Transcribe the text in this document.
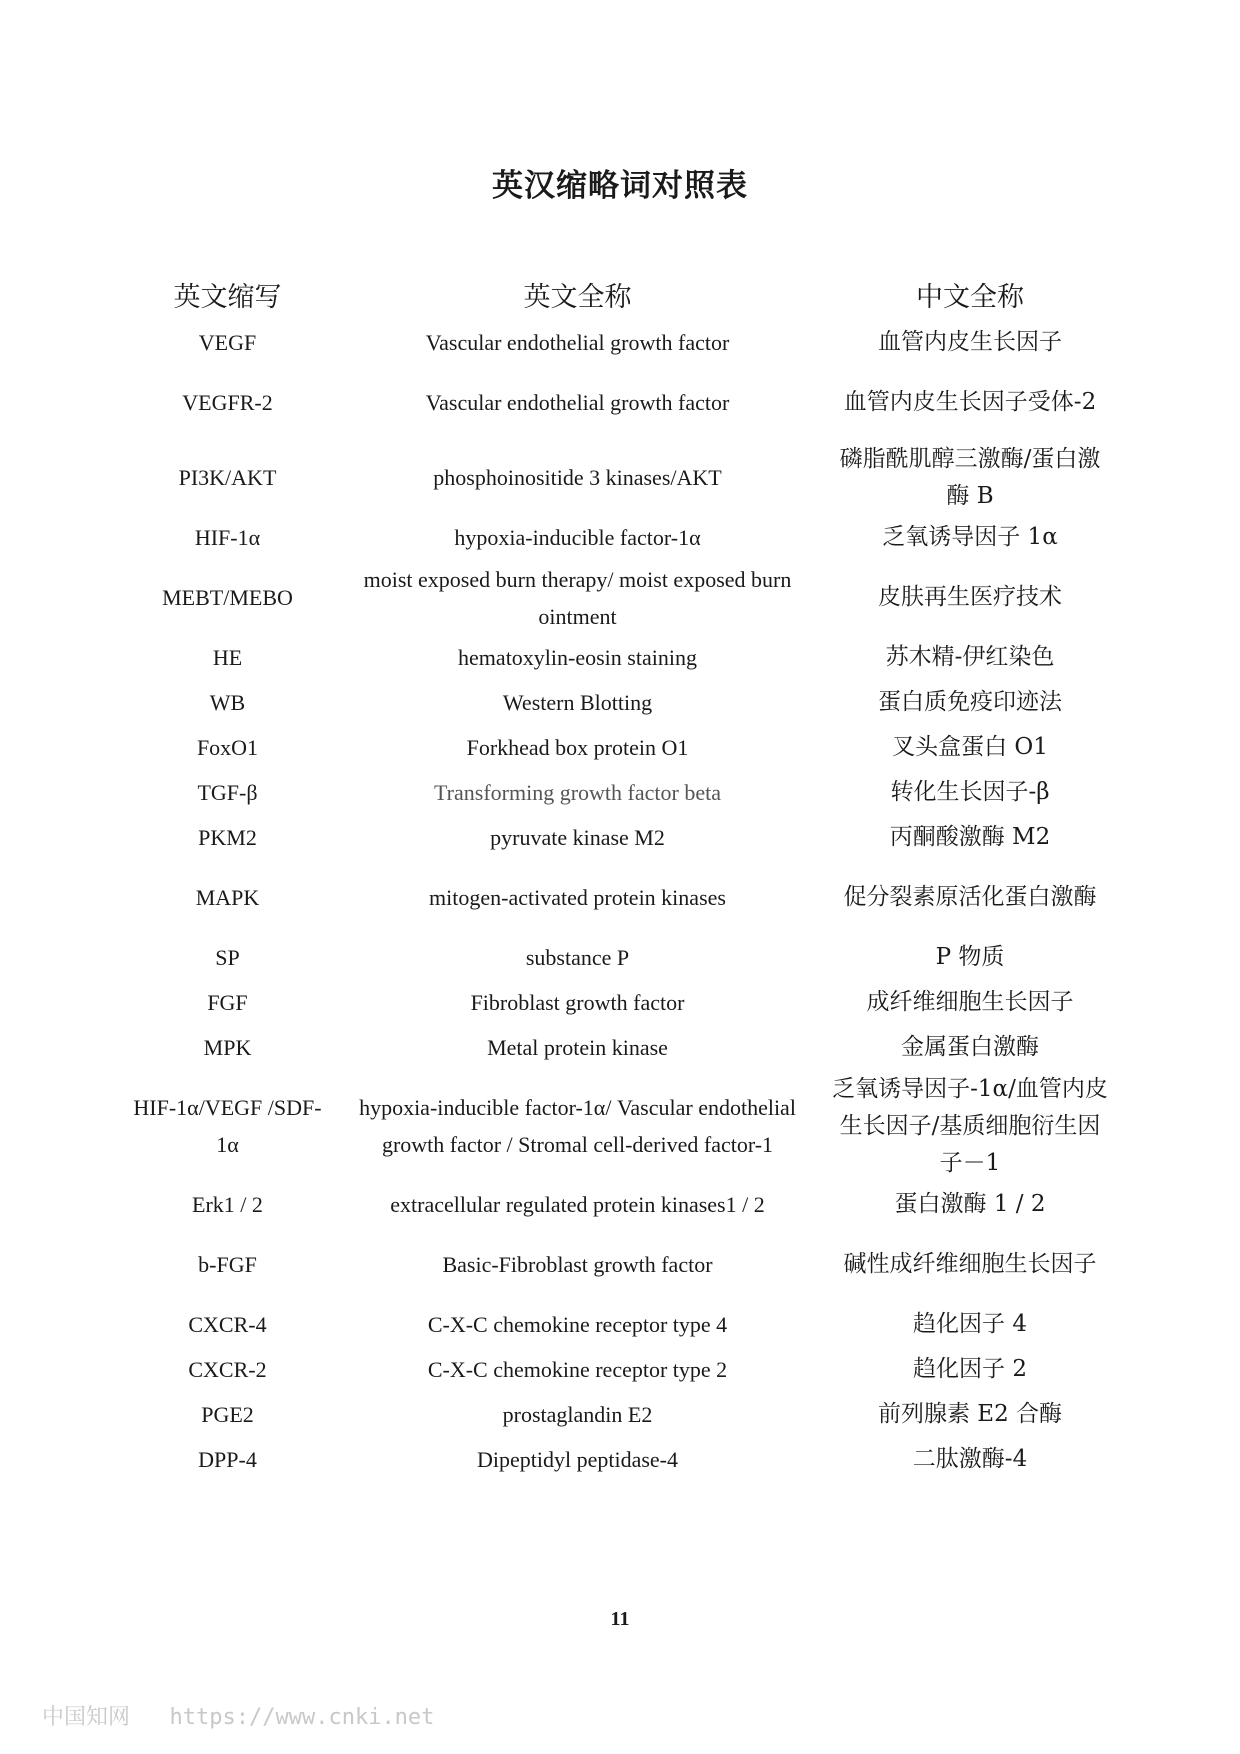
英汉缩略词对照表
英文缩写	英文全称	中文全称
VEGF	Vascular endothelial growth factor	血管内皮生长因子
VEGFR-2	Vascular endothelial growth factor	血管内皮生长因子受体-2
PI3K/AKT	phosphoinositide 3 kinases/AKT	磷脂酰肌醇三激酶/蛋白激酶 B
HIF-1α	hypoxia-inducible factor-1α	乏氧诱导因子 1α
MEBT/MEBO	moist exposed burn therapy/ moist exposed burn ointment	皮肤再生医疗技术
HE	hematoxylin-eosin staining	苏木精-伊红染色
WB	Western Blotting	蛋白质免疫印迹法
FoxO1	Forkhead box protein O1	叉头盒蛋白 O1
TGF-β	Transforming growth factor beta	转化生长因子-β
PKM2	pyruvate kinase M2	丙酮酸激酶 M2
MAPK	mitogen-activated protein kinases	促分裂素原活化蛋白激酶
SP	substance P	P 物质
FGF	Fibroblast growth factor	成纤维细胞生长因子
MPK	Metal protein kinase	金属蛋白激酶
HIF-1α/VEGF /SDF-1α	hypoxia-inducible factor-1α/ Vascular endothelial growth factor / Stromal cell-derived factor-1	乏氧诱导因子-1α/血管内皮生长因子/基质细胞衍生因子－1
Erk1 / 2	extracellular regulated protein kinases1 / 2	蛋白激酶 1 / 2
b-FGF	Basic-Fibroblast growth factor	碱性成纤维细胞生长因子
CXCR-4	C-X-C chemokine receptor type 4	趋化因子 4
CXCR-2	C-X-C chemokine receptor type 2	趋化因子 2
PGE2	prostaglandin E2	前列腺素 E2 合酶
DPP-4	Dipeptidyl peptidase-4	二肽激酶-4
11
中国知网 https://www.cnki.net
